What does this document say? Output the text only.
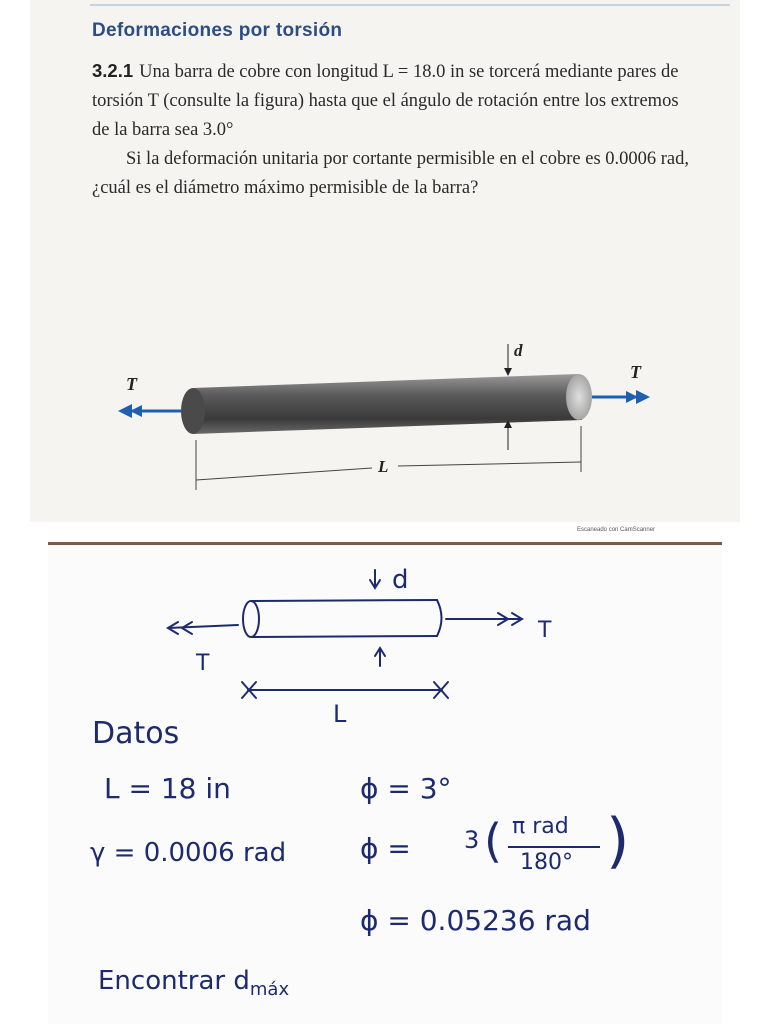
Deformaciones por torsión

3.2.1 Una barra de cobre con longitud L = 18.0 in se torcerá mediante pares de torsión T (consulte la figura) hasta que el ángulo de rotación entre los extremos de la barra sea 3.0°

Si la deformación unitaria por cortante permisible en el cobre es 0.0006 rad, ¿cuál es el diámetro máximo permisible de la barra?

T
T
d
L
Escaneado con CamScanner
d
T
T
L
Datos
L = 18 in
γ = 0.0006 rad
ϕ = 3°
ϕ = 3 ( π rad
180° )
ϕ = 0.05236 rad
Encontrar $d_{máx}$
